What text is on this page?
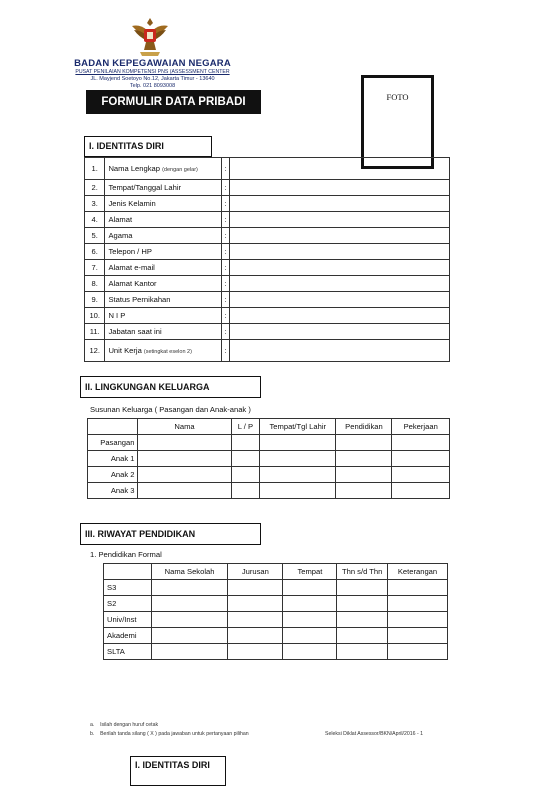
BADAN KEPEGAWAIAN NEGARA
PUSAT PENILAIAN KOMPETENSI PNS (ASSESSMENT CENTER
JL. Mayjend Soetoyo No.12, Jakarta Timur - 13640
Telp. 021 8093008
FORMULIR DATA PRIBADI	FOTO
I. IDENTITAS DIRI
1.	Nama Lengkap (dengan gelar)	:	
2.	Tempat/Tanggal Lahir	:	
3.	Jenis Kelamin	:	
4.	Alamat	:	
5.	Agama	:	
6.	Telepon / HP	:	
7.	Alamat e-mail	:	
8.	Alamat Kantor	:	
9.	Status Pernikahan	:	
10.	N I P	:	
11.	Jabatan saat ini	:	
12.	Unit Kerja (setingkat eselon 2)	:	
II. LINGKUNGAN KELUARGA
Susunan Keluarga ( Pasangan dan Anak-anak )
	Nama	L / P	Tempat/Tgl Lahir	Pendidikan	Pekerjaan
Pasangan					
Anak 1					
Anak 2					
Anak 3					
III. RIWAYAT PENDIDIKAN
1. Pendidikan Formal
	Nama Sekolah	Jurusan	Tempat	Thn s/d Thn	Keterangan
S3					
S2					
Univ/Inst					
Akademi					
SLTA					
a. Isilah dengan huruf cetak
b. Berilah tanda silang ( X ) pada jawaban untuk pertanyaan pilihan	Seleksi Diklat Assessor/BKN/April/2016 - 1
I. IDENTITAS DIRI
